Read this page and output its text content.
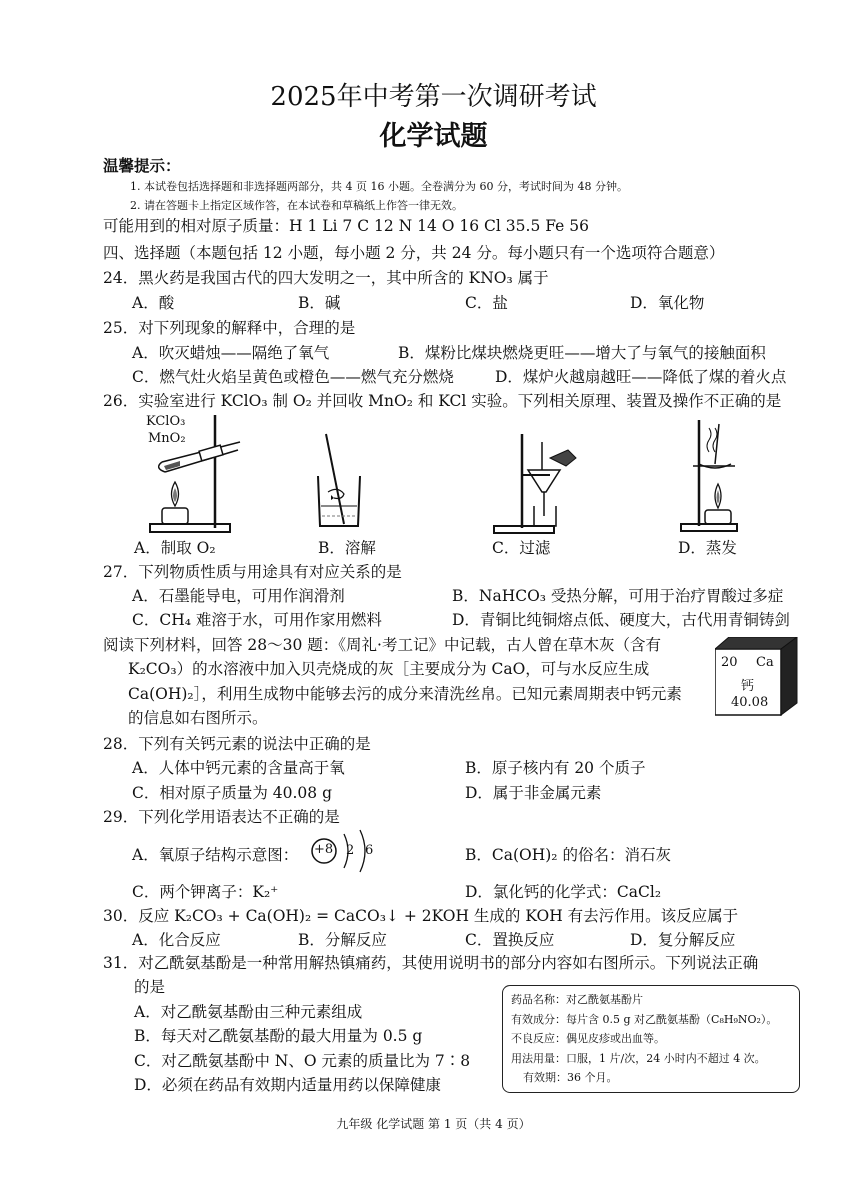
2025年中考第一次调研考试
化学试题
温馨提示：
1. 本试卷包括选择题和非选择题两部分，共 4 页 16 小题。全卷满分为 60 分，考试时间为 48 分钟。
2. 请在答题卡上指定区域作答，在本试卷和草稿纸上作答一律无效。
可能用到的相对原子质量：H 1 Li 7 C 12 N 14 O 16 Cl 35.5 Fe 56
四、选择题（本题包括 12 小题，每小题 2 分，共 24 分。每小题只有一个选项符合题意）
24．黑火药是我国古代的四大发明之一，其中所含的 KNO₃ 属于
A．酸	B．碱	C．盐	D．氧化物
25．对下列现象的解释中，合理的是
A．吹灭蜡烛——隔绝了氧气	B．煤粉比煤块燃烧更旺——增大了与氧气的接触面积
C．燃气灶火焰呈黄色或橙色——燃气充分燃烧	D．煤炉火越扇越旺——降低了煤的着火点
26．实验室进行 KClO₃ 制 O₂ 并回收 MnO₂ 和 KCl 实验。下列相关原理、装置及操作不正确的是
KClO₃
MnO₂
A．制取 O₂	B．溶解	C．过滤	D．蒸发
27．下列物质性质与用途具有对应关系的是
A．石墨能导电，可用作润滑剂	B．NaHCO₃ 受热分解，可用于治疗胃酸过多症
C．CH₄ 难溶于水，可用作家用燃料	D．青铜比纯铜熔点低、硬度大，古代用青铜铸剑
阅读下列材料，回答 28～30 题：《周礼·考工记》中记载，古人曾在草木灰（含有
K₂CO₃）的水溶液中加入贝壳烧成的灰［主要成分为 CaO，可与水反应生成
Ca(OH)₂］，利用生成物中能够去污的成分来清洗丝帛。已知元素周期表中钙元素
的信息如右图所示。
20 Ca
钙
40.08
28．下列有关钙元素的说法中正确的是
A．人体中钙元素的含量高于氧	B．原子核内有 20 个质子
C．相对原子质量为 40.08 g	D．属于非金属元素
29．下列化学用语表达不正确的是
A．氧原子结构示意图： +8 2 6	B．Ca(OH)₂ 的俗名：消石灰
C．两个钾离子：K₂⁺	D．氯化钙的化学式：CaCl₂
30．反应 K₂CO₃ + Ca(OH)₂ = CaCO₃↓ + 2KOH 生成的 KOH 有去污作用。该反应属于
A．化合反应	B．分解反应	C．置换反应	D．复分解反应
31．对乙酰氨基酚是一种常用解热镇痛药，其使用说明书的部分内容如右图所示。下列说法正确
的是
A．对乙酰氨基酚由三种元素组成
B．每天对乙酰氨基酚的最大用量为 0.5 g
C．对乙酰氨基酚中 N、O 元素的质量比为 7∶8
D．必须在药品有效期内适量用药以保障健康
药品名称：对乙酰氨基酚片
有效成分：每片含 0.5 g 对乙酰氨基酚（C₈H₉NO₂）。
不良反应：偶见皮疹或出血等。
用法用量：口服，1 片/次，24 小时内不超过 4 次。
有效期：36 个月。
九年级 化学试题 第 1 页（共 4 页）
